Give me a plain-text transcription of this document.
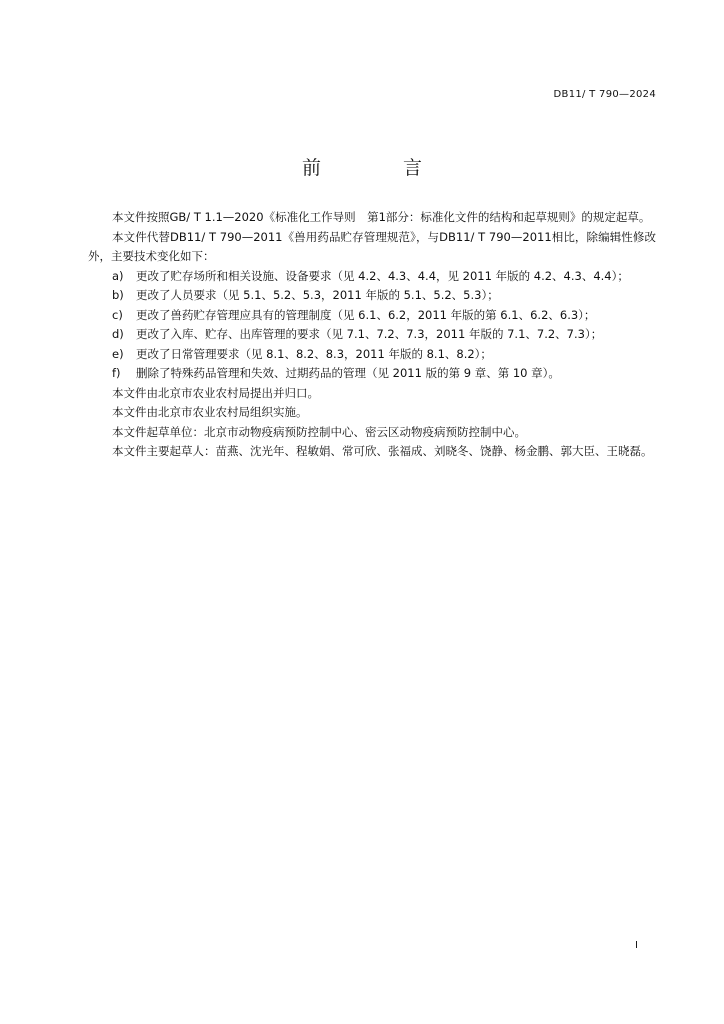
DB11/ T 790—2024
前 言

本文件按照GB/ T 1.1—2020《标准化工作导则　第1部分：标准化文件的结构和起草规则》的规定起草。

本文件代替DB11/ T 790—2011《兽用药品贮存管理规范》，与DB11/ T 790—2011相比，除编辑性修改外，主要技术变化如下：

a)	更改了贮存场所和相关设施、设备要求（见 4.2、4.3、4.4，见 2011 年版的 4.2、4.3、4.4）；
b)	更改了人员要求（见 5.1、5.2、5.3，2011 年版的 5.1、5.2、5.3）；
c)	更改了兽药贮存管理应具有的管理制度（见 6.1、6.2，2011 年版的第 6.1、6.2、6.3）；
d)	更改了入库、贮存、出库管理的要求（见 7.1、7.2、7.3，2011 年版的 7.1、7.2、7.3）；
e)	更改了日常管理要求（见 8.1、8.2、8.3，2011 年版的 8.1、8.2）；
f)	删除了特殊药品管理和失效、过期药品的管理（见 2011 版的第 9 章、第 10 章）。

本文件由北京市农业农村局提出并归口。

本文件由北京市农业农村局组织实施。

本文件起草单位：北京市动物疫病预防控制中心、密云区动物疫病预防控制中心。

本文件主要起草人：苗燕、沈光年、程敏娟、常可欣、张福成、刘晓冬、饶静、杨金鹏、郭大臣、王晓磊。

I
